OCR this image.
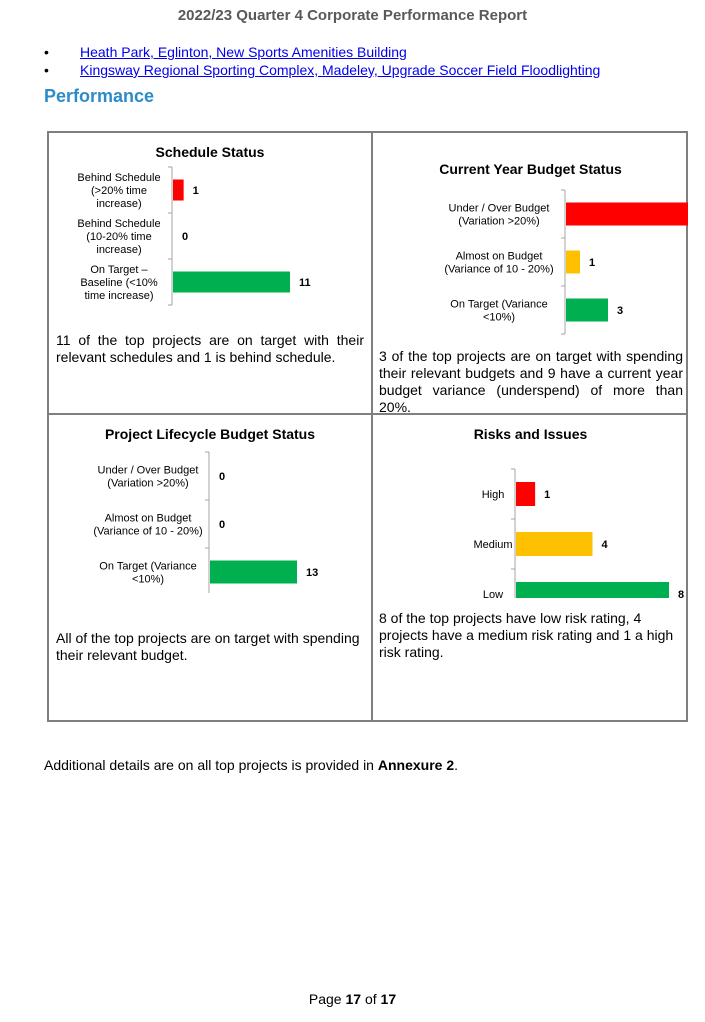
2022/23 Quarter 4 Corporate Performance Report
• Heath Park, Eglinton, New Sports Amenities Building
• Kingsway Regional Sporting Complex, Madeley, Upgrade Soccer Field Floodlighting
Performance
Schedule Status
1
Behind Schedule (>20% time increase)
0
Behind Schedule (10-20% time increase)
11
On Target – Baseline (<10% time increase)
11 of the top projects are on target with their relevant schedules and 1 is behind schedule.
Current Year Budget Status
Under / Over Budget (Variation >20%)
1
Almost on Budget (Variance of 10 - 20%)
3
On Target (Variance <10%)
3 of the top projects are on target with spending their relevant budgets and 9 have a current year budget variance (underspend) of more than 20%.
Project Lifecycle Budget Status
0
Under / Over Budget (Variation >20%)
0
Almost on Budget (Variance of 10 - 20%)
13
On Target (Variance <10%)
All of the top projects are on target with spending their relevant budget.
Risks and Issues
1
High
4
Medium
8
Low
8 of the top projects have low risk rating, 4 projects have a medium risk rating and 1 a high risk rating.
Additional details are on all top projects is provided in Annexure 2.
Page 17 of 17
